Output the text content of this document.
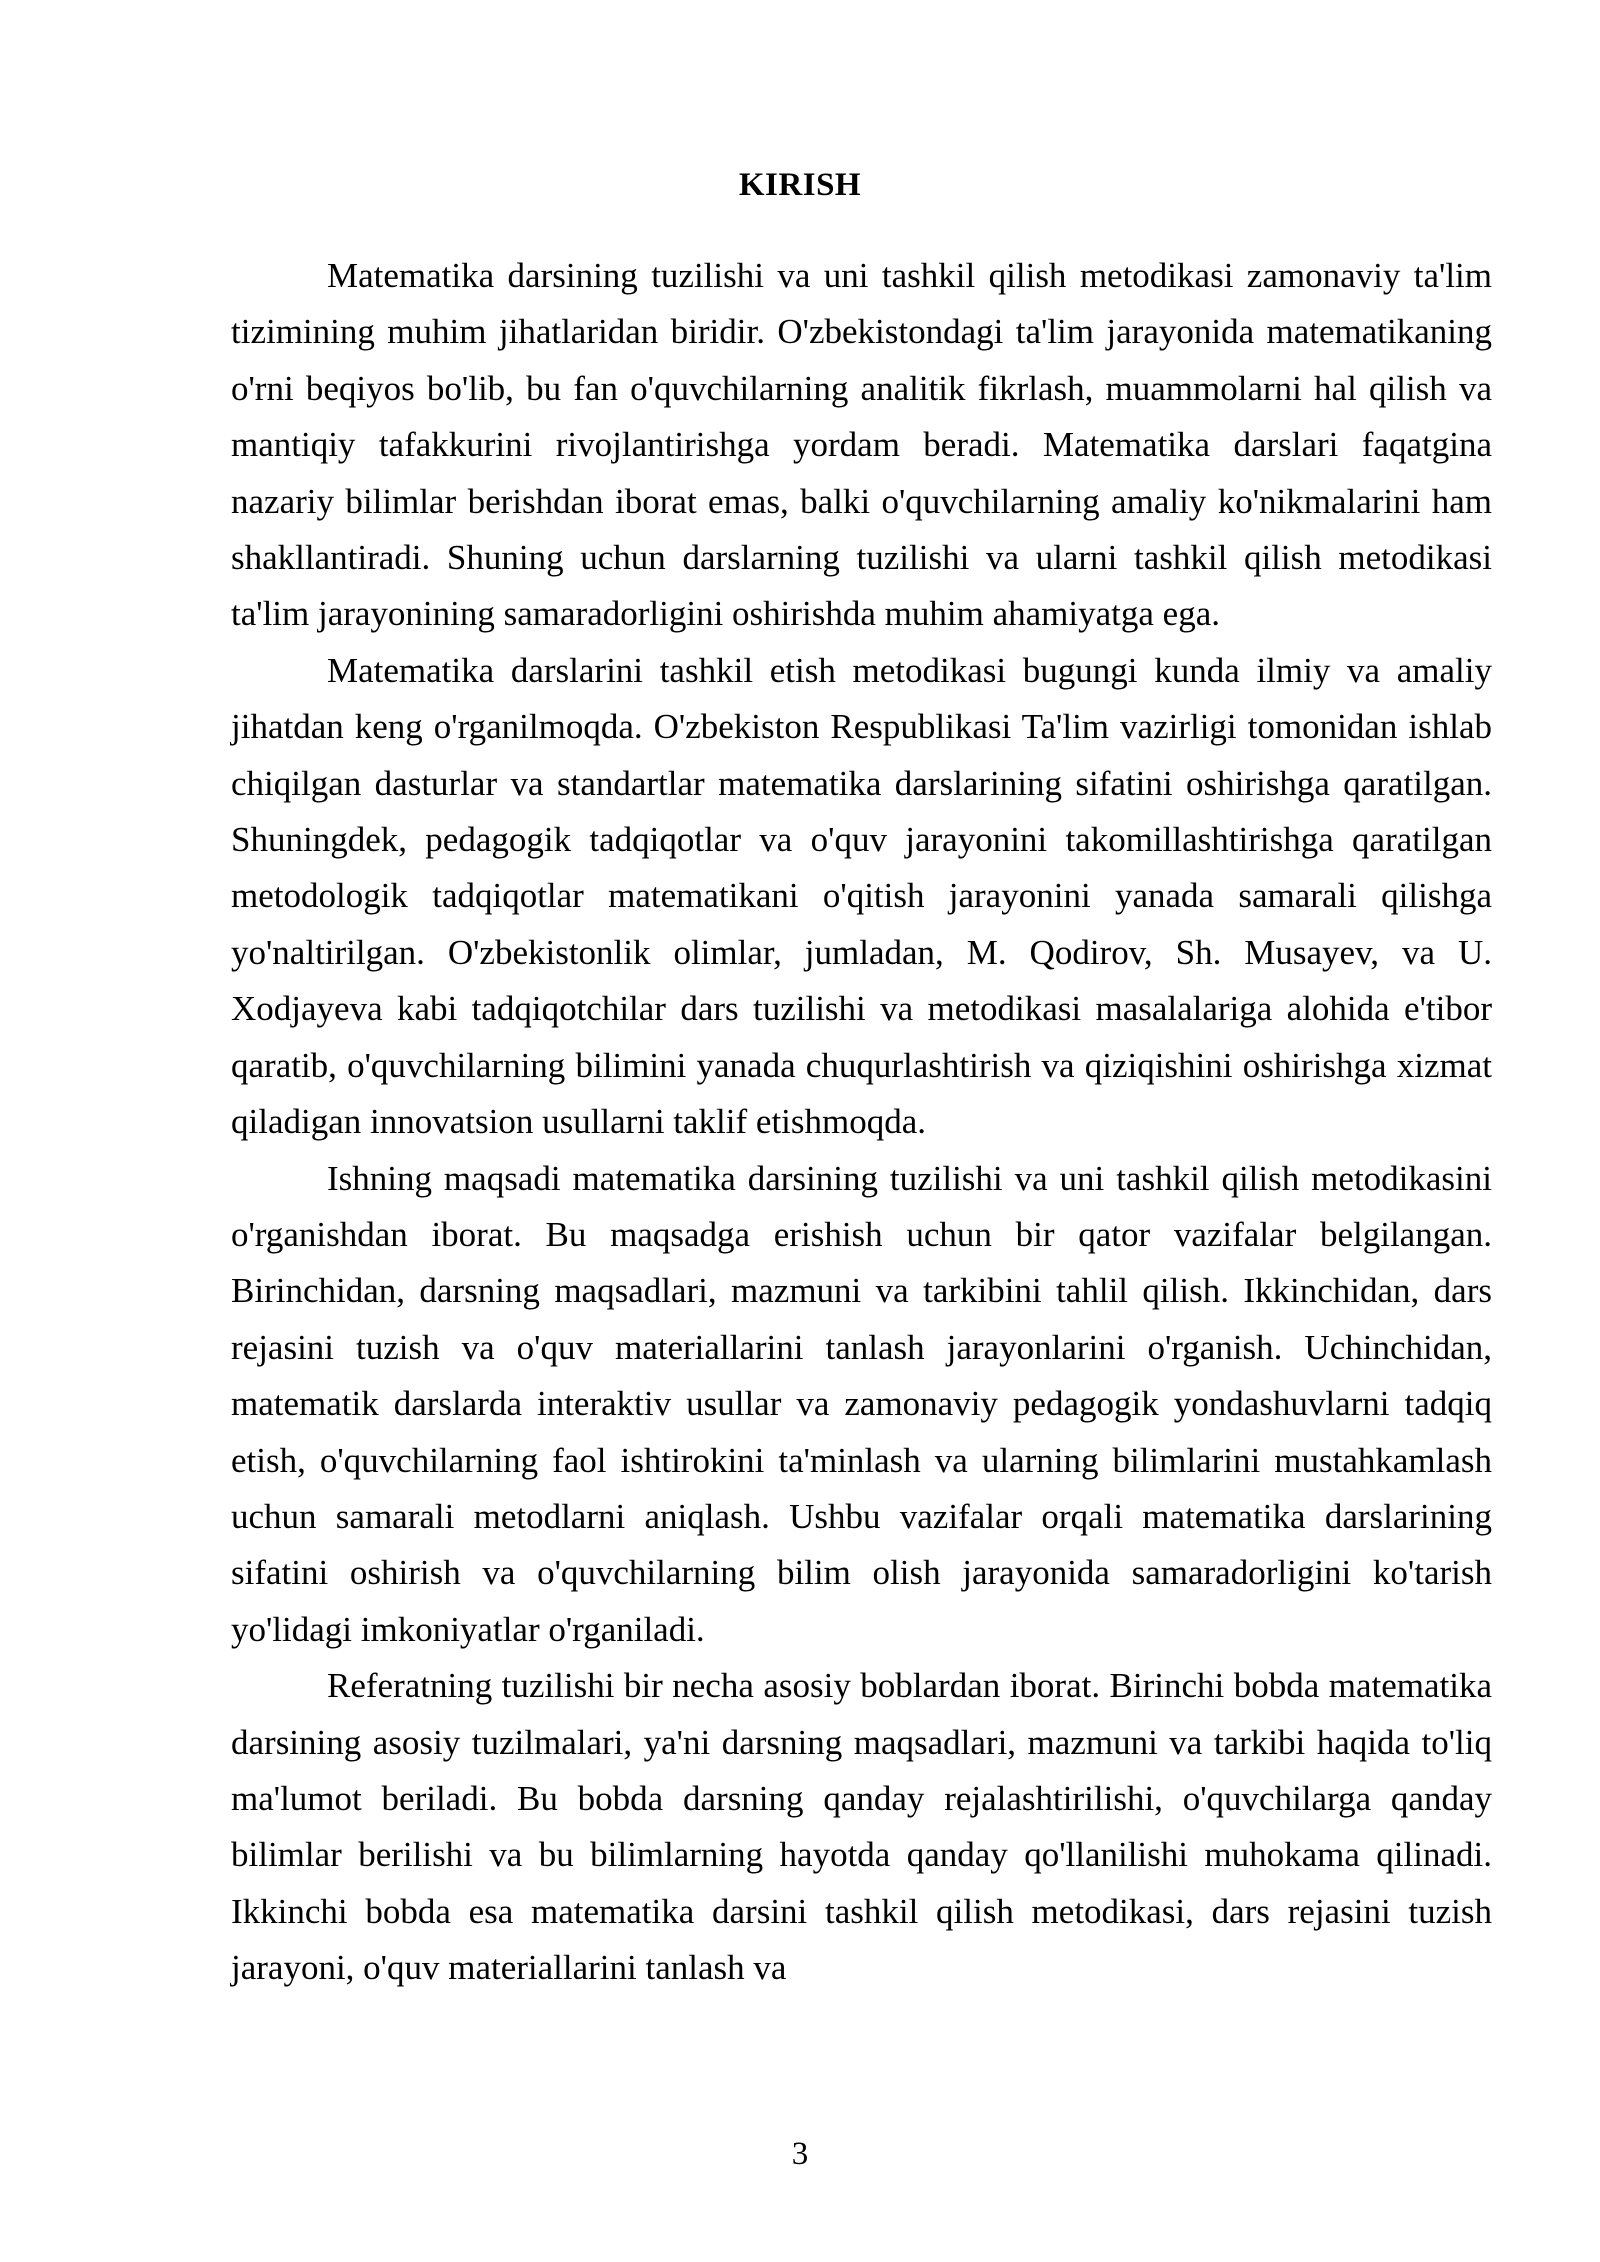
KIRISH

Matematika darsining tuzilishi va uni tashkil qilish metodikasi zamonaviy ta'lim tizimining muhim jihatlaridan biridir. O'zbekistondagi ta'lim jarayonida matematikaning o'rni beqiyos bo'lib, bu fan o'quvchilarning analitik fikrlash, muammolarni hal qilish va mantiqiy tafakkurini rivojlantirishga yordam beradi. Matematika darslari faqatgina nazariy bilimlar berishdan iborat emas, balki o'quvchilarning amaliy ko'nikmalarini ham shakllantiradi. Shuning uchun darslarning tuzilishi va ularni tashkil qilish metodikasi ta'lim jarayonining samaradorligini oshirishda muhim ahamiyatga ega.

Matematika darslarini tashkil etish metodikasi bugungi kunda ilmiy va amaliy jihatdan keng o'rganilmoqda. O'zbekiston Respublikasi Ta'lim vazirligi tomonidan ishlab chiqilgan dasturlar va standartlar matematika darslarining sifatini oshirishga qaratilgan. Shuningdek, pedagogik tadqiqotlar va o'quv jarayonini takomillashtirishga qaratilgan metodologik tadqiqotlar matematikani o'qitish jarayonini yanada samarali qilishga yo'naltirilgan. O'zbekistonlik olimlar, jumladan, M. Qodirov, Sh. Musayev, va U. Xodjayeva kabi tadqiqotchilar dars tuzilishi va metodikasi masalalariga alohida e'tibor qaratib, o'quvchilarning bilimini yanada chuqurlashtirish va qiziqishini oshirishga xizmat qiladigan innovatsion usullarni taklif etishmoqda.

Ishning maqsadi matematika darsining tuzilishi va uni tashkil qilish metodikasini o'rganishdan iborat. Bu maqsadga erishish uchun bir qator vazifalar belgilangan. Birinchidan, darsning maqsadlari, mazmuni va tarkibini tahlil qilish. Ikkinchidan, dars rejasini tuzish va o'quv materiallarini tanlash jarayonlarini o'rganish. Uchinchidan, matematik darslarda interaktiv usullar va zamonaviy pedagogik yondashuvlarni tadqiq etish, o'quvchilarning faol ishtirokini ta'minlash va ularning bilimlarini mustahkamlash uchun samarali metodlarni aniqlash. Ushbu vazifalar orqali matematika darslarining sifatini oshirish va o'quvchilarning bilim olish jarayonida samaradorligini ko'tarish yo'lidagi imkoniyatlar o'rganiladi.

Referatning tuzilishi bir necha asosiy boblardan iborat. Birinchi bobda matematika darsining asosiy tuzilmalari, ya'ni darsning maqsadlari, mazmuni va tarkibi haqida to'liq ma'lumot beriladi. Bu bobda darsning qanday rejalashtirilishi, o'quvchilarga qanday bilimlar berilishi va bu bilimlarning hayotda qanday qo'llanilishi muhokama qilinadi. Ikkinchi bobda esa matematika darsini tashkil qilish metodikasi, dars rejasini tuzish jarayoni, o'quv materiallarini tanlash va

3
